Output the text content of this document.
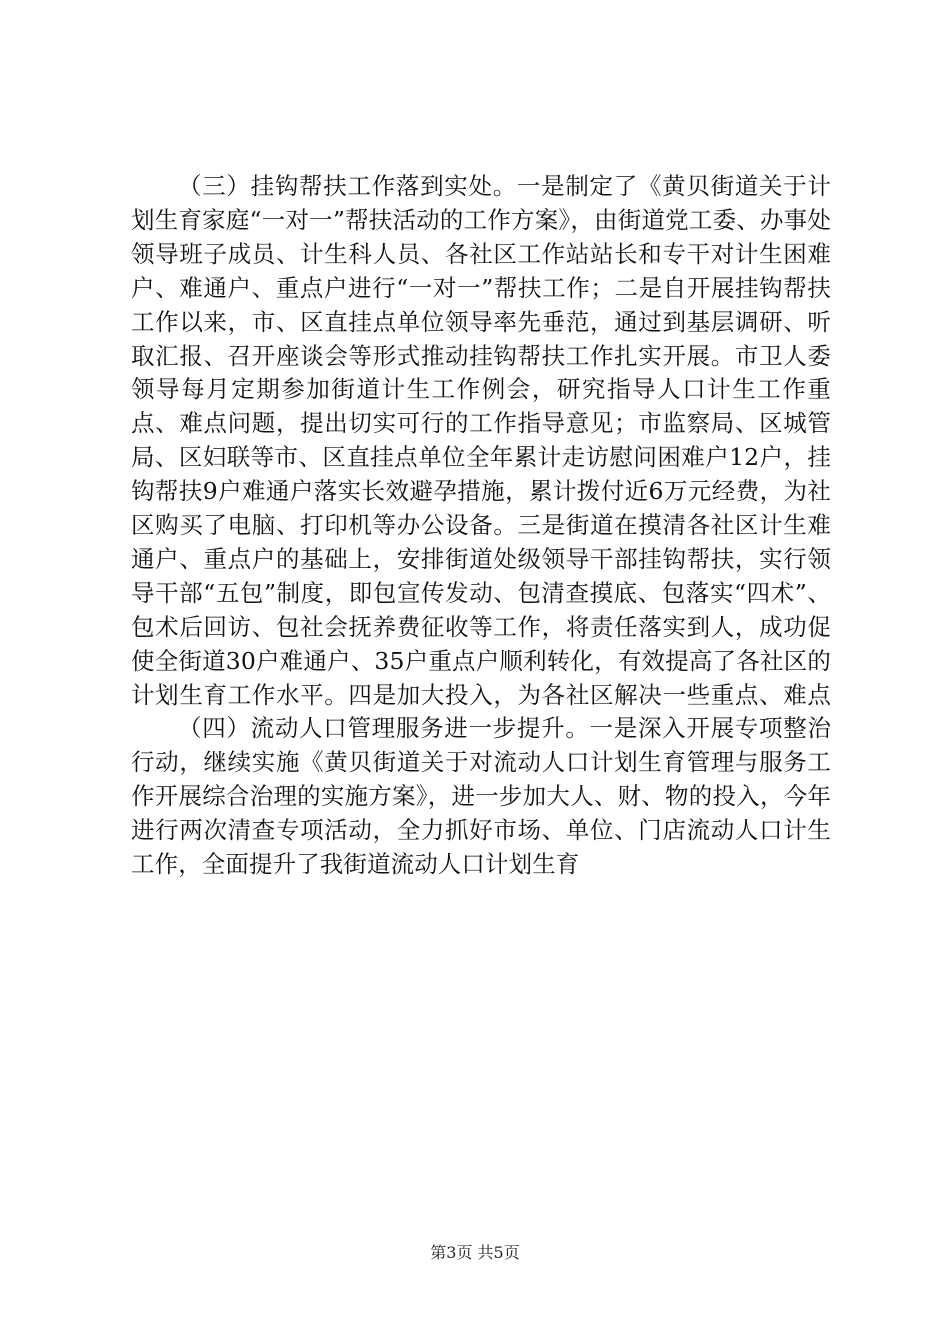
（三）挂钩帮扶工作落到实处。一是制定了《黄贝街道关于计划生育家庭“一对一”帮扶活动的工作方案》，由街道党工委、办事处领导班子成员、计生科人员、各社区工作站站长和专干对计生困难户、难通户、重点户进行“一对一”帮扶工作；二是自开展挂钩帮扶工作以来，市、区直挂点单位领导率先垂范，通过到基层调研、听取汇报、召开座谈会等形式推动挂钩帮扶工作扎实开展。市卫人委领导每月定期参加街道计生工作例会，研究指导人口计生工作重点、难点问题，提出切实可行的工作指导意见；市监察局、区城管局、区妇联等市、区直挂点单位全年累计走访慰问困难户12户，挂钩帮扶9户难通户落实长效避孕措施，累计拨付近6万元经费，为社区购买了电脑、打印机等办公设备。三是街道在摸清各社区计生难通户、重点户的基础上，安排街道处级领导干部挂钩帮扶，实行领导干部“五包”制度，即包宣传发动、包清查摸底、包落实“四术”、包术后回访、包社会抚养费征收等工作，将责任落实到人，成功促使全街道30户难通户、35户重点户顺利转化，有效提高了各社区的计划生育工作水平。四是加大投入，为各社区解决一些重点、难点

（四）流动人口管理服务进一步提升。一是深入开展专项整治行动，继续实施《黄贝街道关于对流动人口计划生育管理与服务工作开展综合治理的实施方案》，进一步加大人、财、物的投入，今年进行两次清查专项活动，全力抓好市场、单位、门店流动人口计生工作，全面提升了我街道流动人口计划生育

第3页 共5页
